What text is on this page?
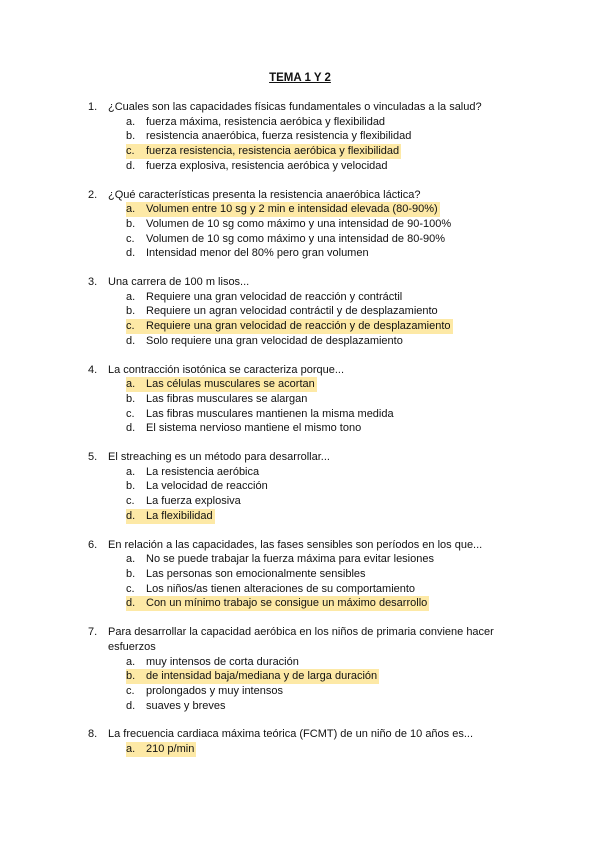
TEMA 1 Y 2
1. ¿Cuales son las capacidades físicas fundamentales o vinculadas a la salud?
a. fuerza máxima, resistencia aeróbica y flexibilidad
b. resistencia anaeróbica, fuerza resistencia y flexibilidad
c.	fuerza resistencia, resistencia aeróbica y flexibilidad
d. fuerza explosiva, resistencia aeróbica y velocidad
2. ¿Qué características presenta la resistencia anaeróbica láctica?
a. Volumen entre 10 sg y 2 min e intensidad elevada (80-90%)
b. Volumen de 10 sg como máximo y una intensidad de 90-100%
c.	Volumen de 10 sg como máximo y una intensidad de 80-90%
d. Intensidad menor del 80% pero gran volumen
3. Una carrera de 100 m lisos...
a. Requiere una gran velocidad de reacción y contráctil
b. Requiere un agran velocidad contráctil y de desplazamiento
c.	Requiere una gran velocidad de reacción y de desplazamiento
d. Solo requiere una gran velocidad de desplazamiento
4. La contracción isotónica se caracteriza porque...
a. Las células musculares se acortan
b. Las fibras musculares se alargan
c.	Las fibras musculares mantienen la misma medida
d. El sistema nervioso mantiene el mismo tono
5. El streaching es un método para desarrollar...
a. La resistencia aeróbica
b. La velocidad de reacción
c.	La fuerza explosiva
d. La flexibilidad
6. En relación a las capacidades, las fases sensibles son períodos en los que...
a. No se puede trabajar la fuerza máxima para evitar lesiones
b. Las personas son emocionalmente sensibles
c.	Los niños/as tienen alteraciones de su comportamiento
d. Con un mínimo trabajo se consigue un máximo desarrollo
7. Para desarrollar la capacidad aeróbica en los niños de primaria conviene hacer esfuerzos
a. muy intensos de corta duración
b. de intensidad baja/mediana y de larga duración
c.	prolongados y muy intensos
d. suaves y breves
8. La frecuencia cardiaca máxima teórica (FCMT) de un niño de 10 años es...
a. 210 p/min
